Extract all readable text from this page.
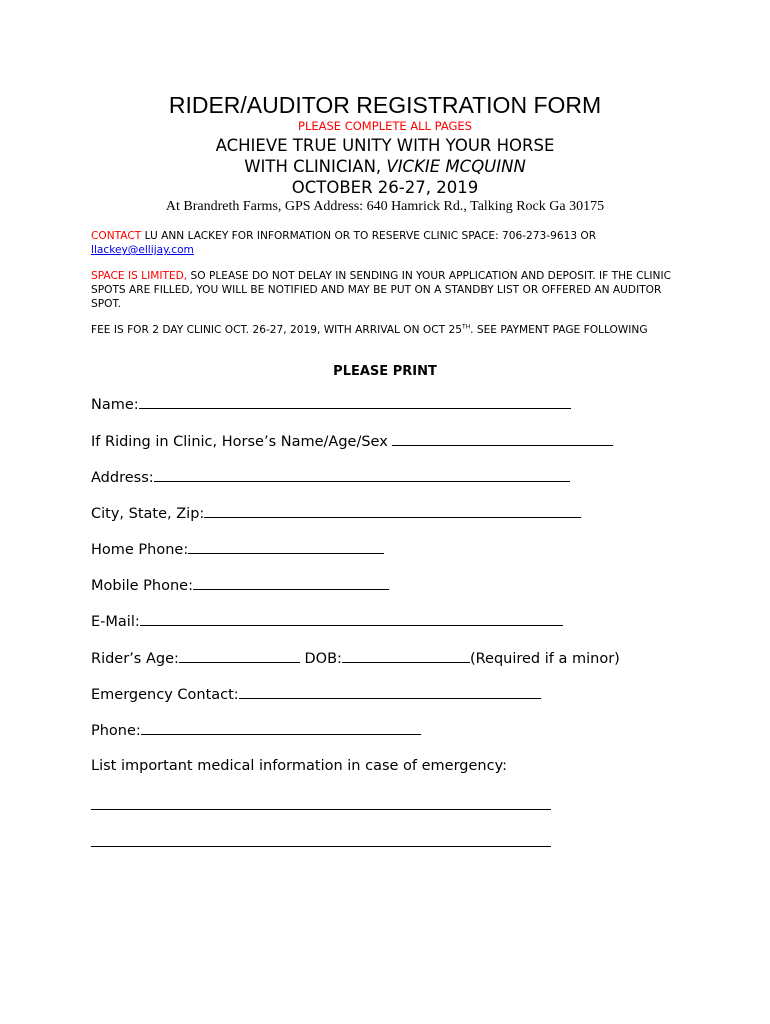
RIDER/AUDITOR REGISTRATION FORM
PLEASE COMPLETE ALL PAGES
ACHIEVE TRUE UNITY WITH YOUR HORSE
WITH CLINICIAN, VICKIE MCQUINN
OCTOBER 26-27, 2019
At Brandreth Farms, GPS Address: 640 Hamrick Rd., Talking Rock Ga 30175
CONTACT LU ANN LACKEY FOR INFORMATION OR TO RESERVE CLINIC SPACE: 706-273-9613 OR llackey@ellijay.com
SPACE IS LIMITED, SO PLEASE DO NOT DELAY IN SENDING IN YOUR APPLICATION AND DEPOSIT. IF THE CLINIC SPOTS ARE FILLED, YOU WILL BE NOTIFIED AND MAY BE PUT ON A STANDBY LIST OR OFFERED AN AUDITOR SPOT.
FEE IS FOR 2 DAY CLINIC OCT. 26-27, 2019, WITH ARRIVAL ON OCT 25TH. SEE PAYMENT PAGE FOLLOWING
PLEASE PRINT
Name:
If Riding in Clinic, Horse’s Name/Age/Sex
Address:
City, State, Zip:
Home Phone:
Mobile Phone:
E-Mail:
Rider’s Age:	DOB:	(Required if a minor)
Emergency Contact:
Phone:
List important medical information in case of emergency:
